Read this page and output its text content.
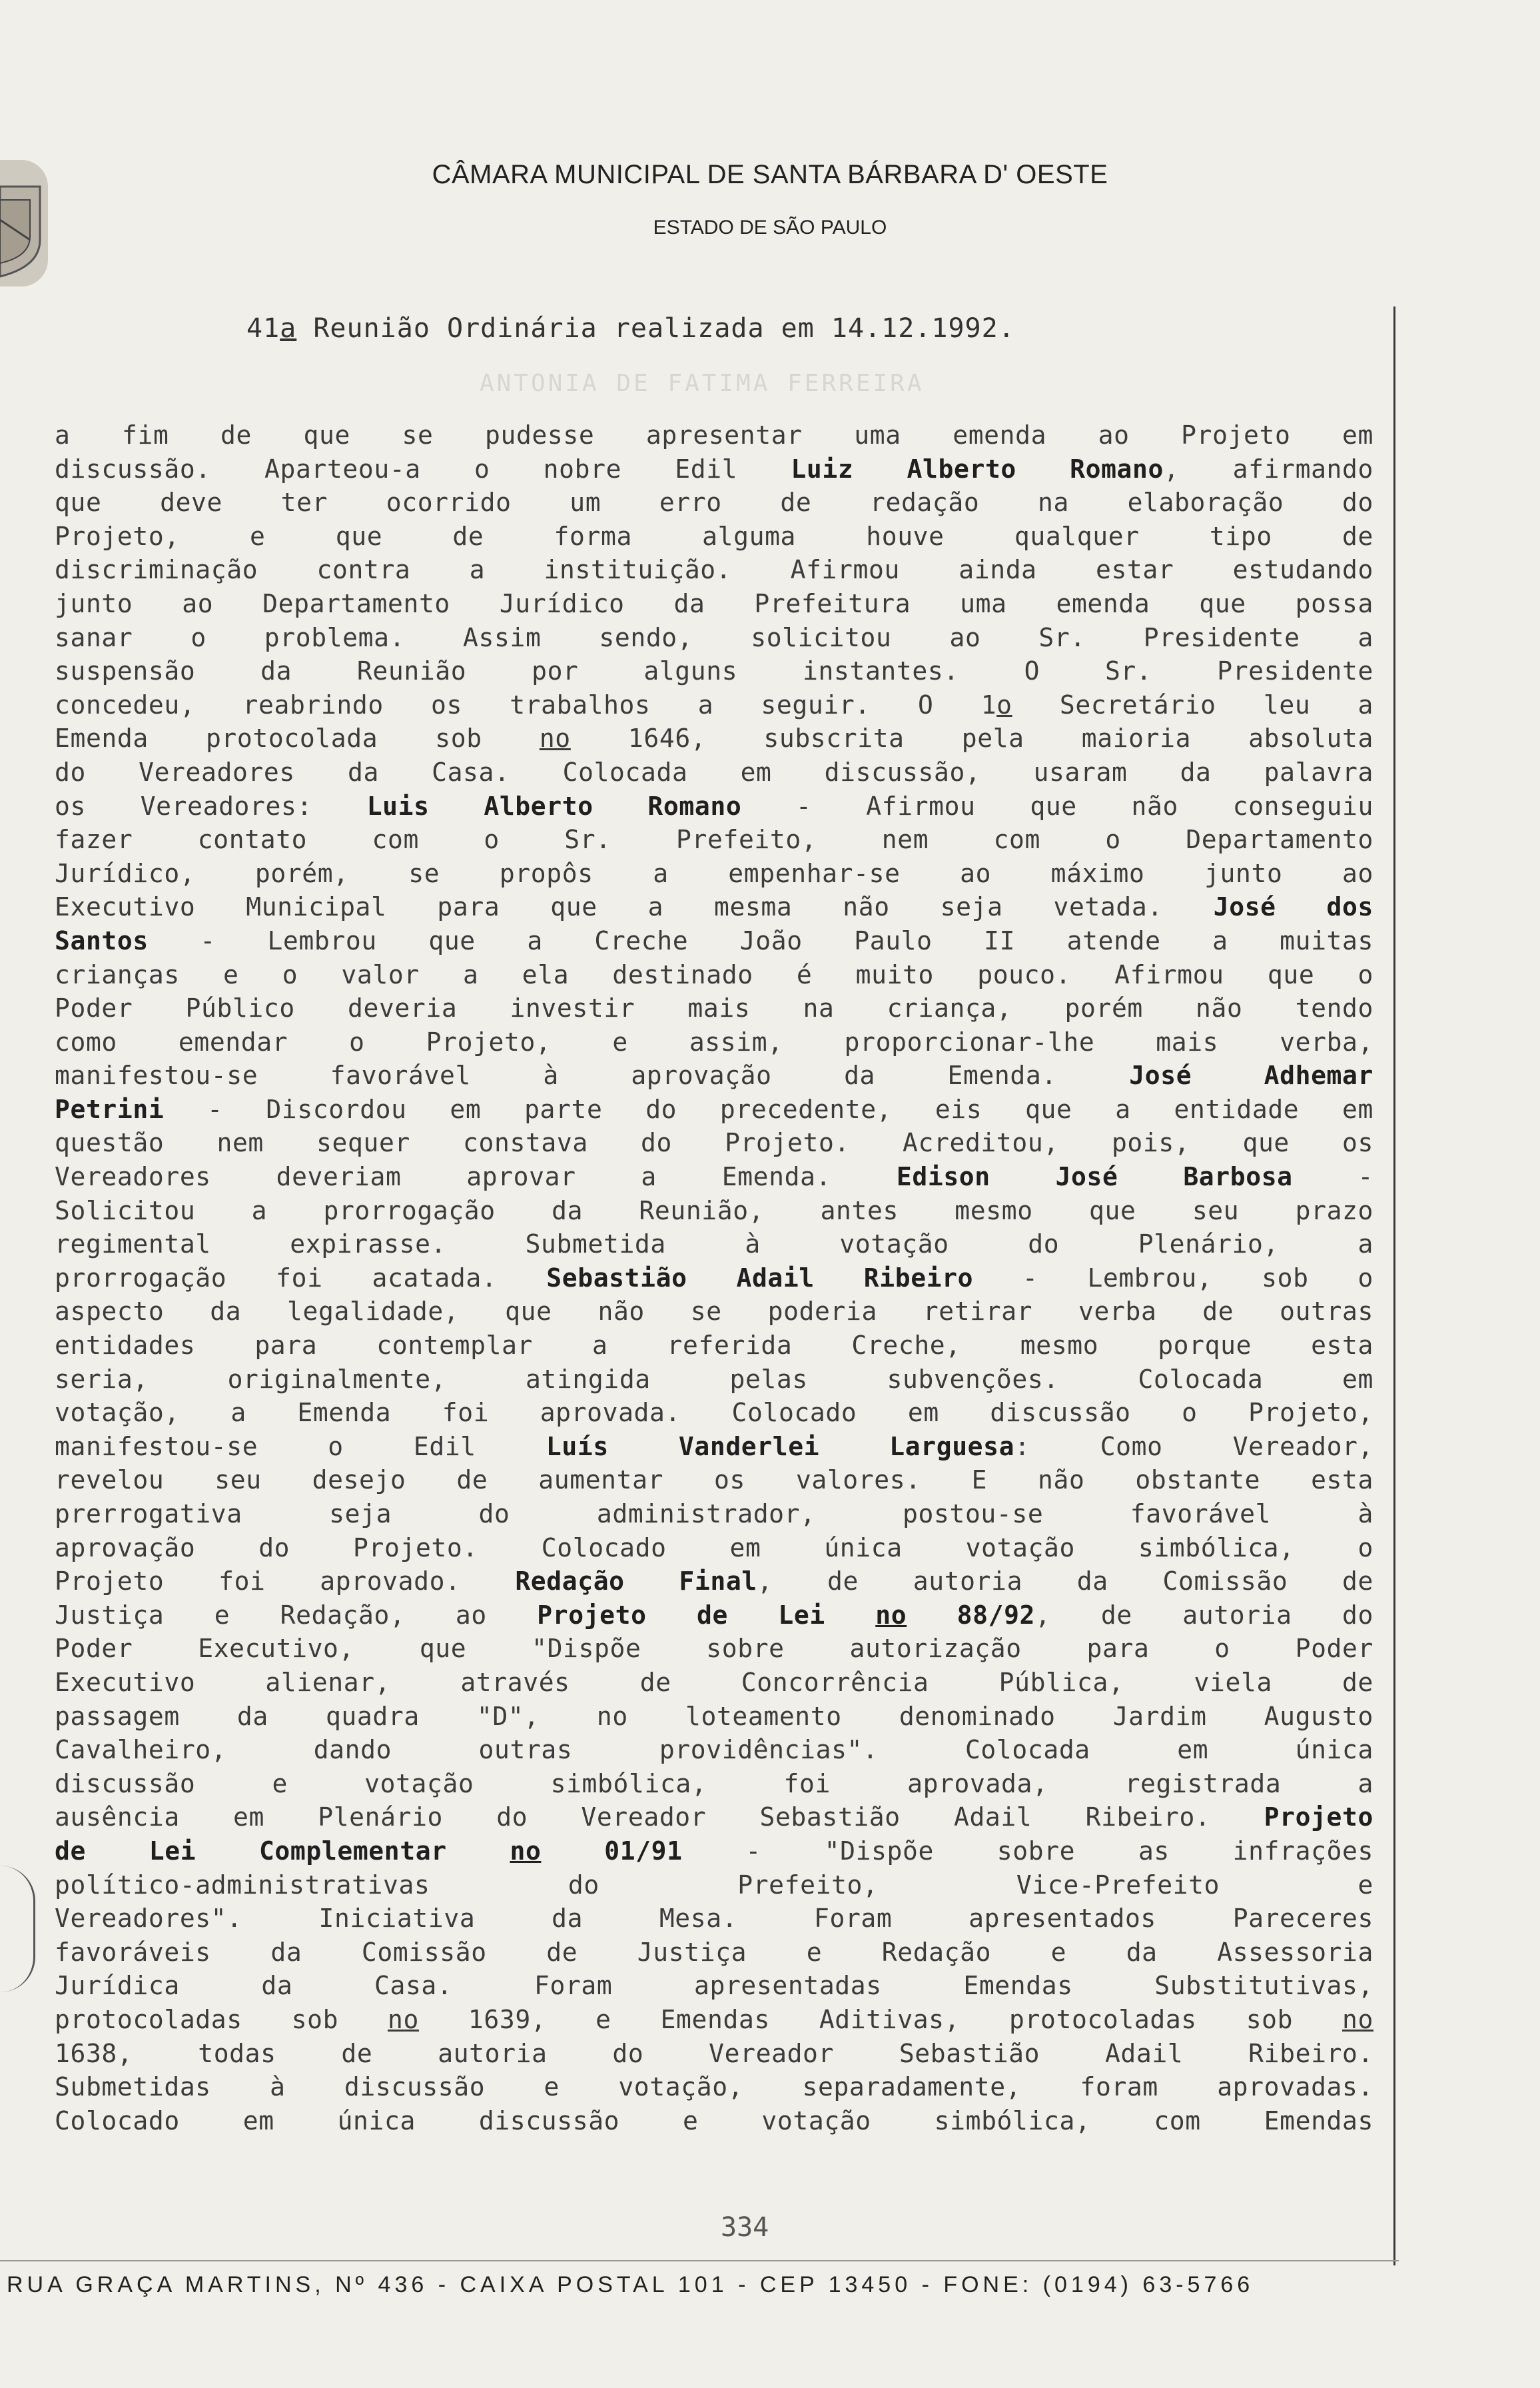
CÂMARA MUNICIPAL DE SANTA BÁRBARA D' OESTE
ESTADO DE SÃO PAULO
ANTONIA DE FATIMA FERREIRA
41a Reunião Ordinária realizada em 14.12.1992.
a fim de que se pudesse apresentar uma emenda ao Projeto em
discussão. Aparteou-a o nobre Edil Luiz Alberto Romano, afirmando
que deve ter ocorrido um erro de redação na elaboração do
Projeto, e que de forma alguma houve qualquer tipo de
discriminação contra a instituição. Afirmou ainda estar estudando
junto ao Departamento Jurídico da Prefeitura uma emenda que possa
sanar o problema. Assim sendo, solicitou ao Sr. Presidente a
suspensão da Reunião por alguns instantes. O Sr. Presidente
concedeu, reabrindo os trabalhos a seguir. O 1o Secretário leu a
Emenda protocolada sob no 1646, subscrita pela maioria absoluta
do Vereadores da Casa. Colocada em discussão, usaram da palavra
os Vereadores: Luis Alberto Romano - Afirmou que não conseguiu
fazer contato com o Sr. Prefeito, nem com o Departamento
Jurídico, porém, se propôs a empenhar-se ao máximo junto ao
Executivo Municipal para que a mesma não seja vetada. José dos
Santos - Lembrou que a Creche João Paulo II atende a muitas
crianças e o valor a ela destinado é muito pouco. Afirmou que o
Poder Público deveria investir mais na criança, porém não tendo
como emendar o Projeto, e assim, proporcionar-lhe mais verba,
manifestou-se favorável à aprovação da Emenda. José Adhemar
Petrini - Discordou em parte do precedente, eis que a entidade em
questão nem sequer constava do Projeto. Acreditou, pois, que os
Vereadores deveriam aprovar a Emenda. Edison José Barbosa -
Solicitou a prorrogação da Reunião, antes mesmo que seu prazo
regimental expirasse. Submetida à votação do Plenário, a
prorrogação foi acatada. Sebastião Adail Ribeiro - Lembrou, sob o
aspecto da legalidade, que não se poderia retirar verba de outras
entidades para contemplar a referida Creche, mesmo porque esta
seria, originalmente, atingida pelas subvenções. Colocada em
votação, a Emenda foi aprovada. Colocado em discussão o Projeto,
manifestou-se o Edil Luís Vanderlei Larguesa: Como Vereador,
revelou seu desejo de aumentar os valores. E não obstante esta
prerrogativa seja do administrador, postou-se favorável à
aprovação do Projeto. Colocado em única votação simbólica, o
Projeto foi aprovado. Redação Final, de autoria da Comissão de
Justiça e Redação, ao Projeto de Lei no 88/92, de autoria do
Poder Executivo, que "Dispõe sobre autorização para o Poder
Executivo alienar, através de Concorrência Pública, viela de
passagem da quadra "D", no loteamento denominado Jardim Augusto
Cavalheiro, dando outras providências". Colocada em única
discussão e votação simbólica, foi aprovada, registrada a
ausência em Plenário do Vereador Sebastião Adail Ribeiro. Projeto
de Lei Complementar no 01/91 - "Dispõe sobre as infrações
político-administrativas do Prefeito, Vice-Prefeito e
Vereadores". Iniciativa da Mesa. Foram apresentados Pareceres
favoráveis da Comissão de Justiça e Redação e da Assessoria
Jurídica da Casa. Foram apresentadas Emendas Substitutivas,
protocoladas sob no 1639, e Emendas Aditivas, protocoladas sob no
1638, todas de autoria do Vereador Sebastião Adail Ribeiro.
Submetidas à discussão e votação, separadamente, foram aprovadas.
Colocado em única discussão e votação simbólica, com Emendas
334
RUA GRAÇA MARTINS, Nº 436 - CAIXA POSTAL 101 - CEP 13450 - FONE: (0194) 63-5766
